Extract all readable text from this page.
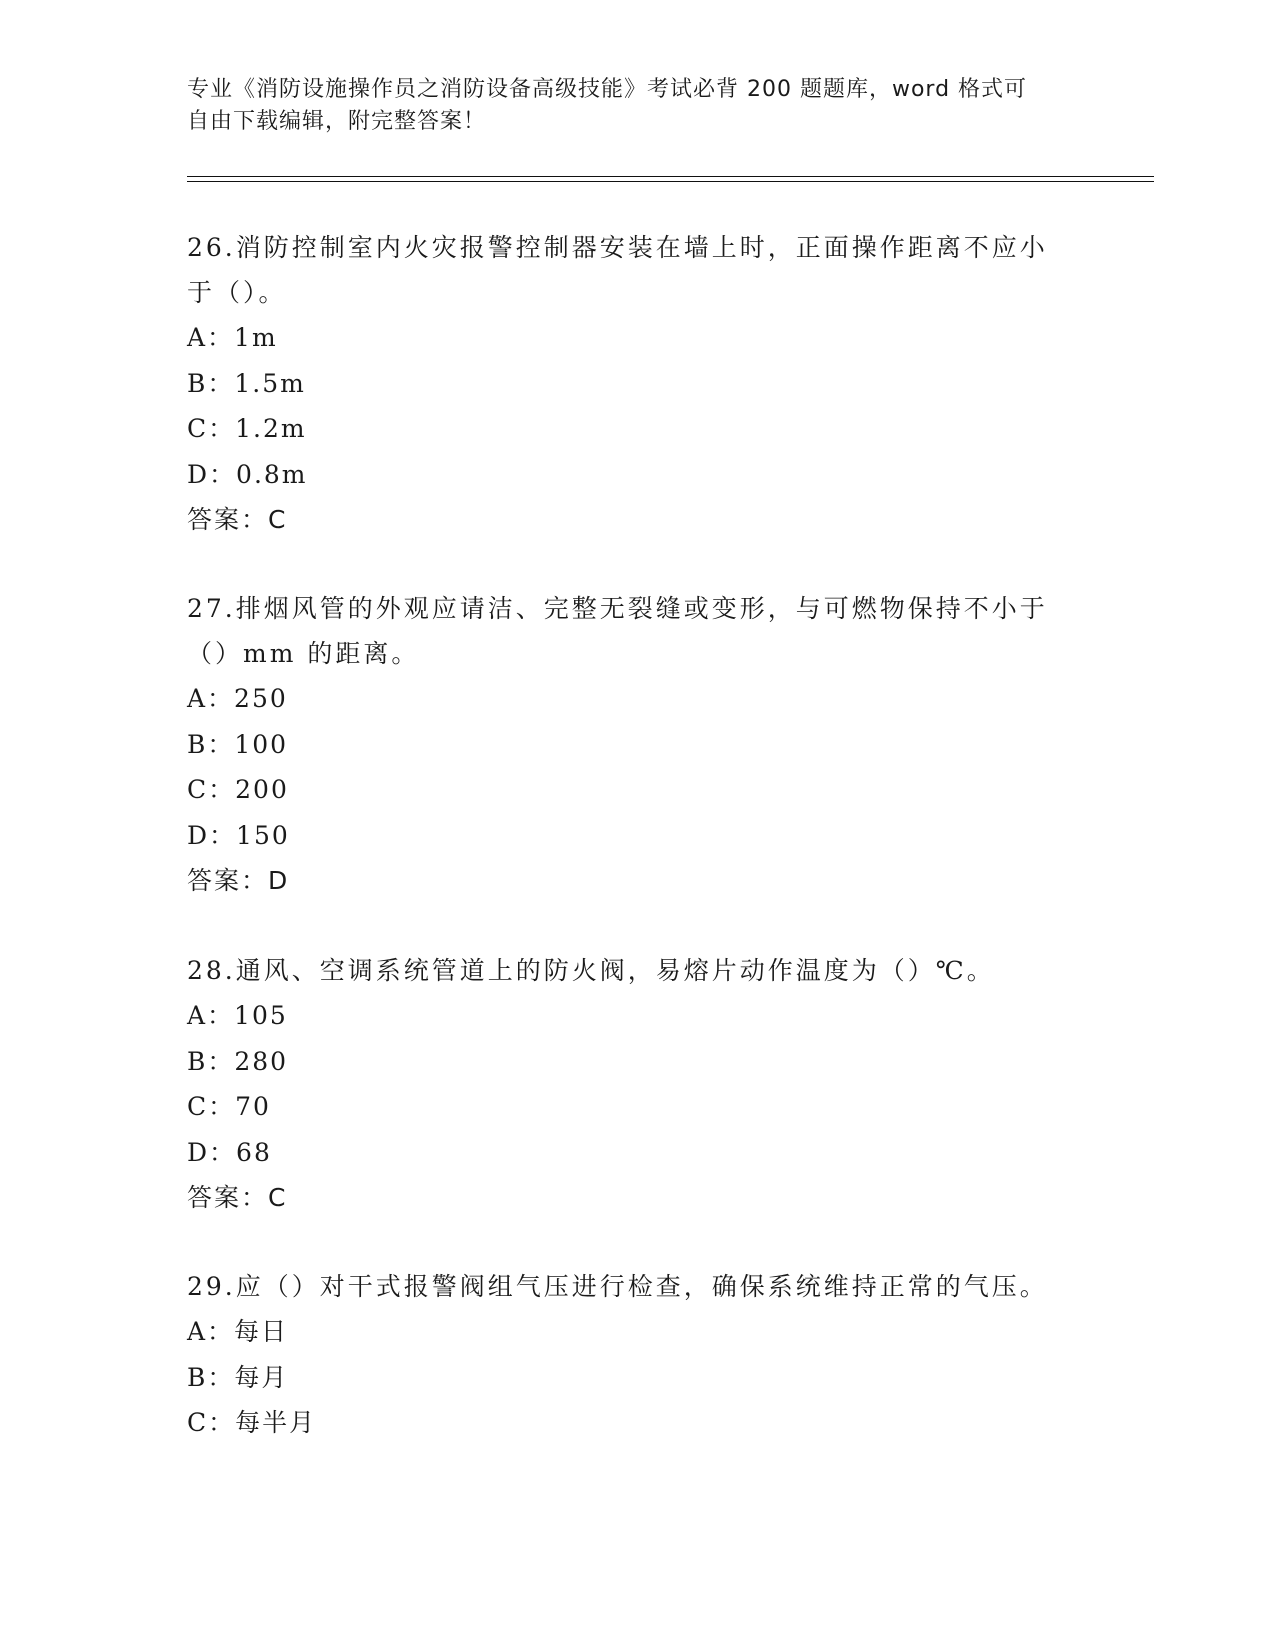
专业《消防设施操作员之消防设备高级技能》考试必背 200 题题库，word 格式可
自由下载编辑，附完整答案！

26.消防控制室内火灾报警控制器安装在墙上时，正面操作距离不应小

于（）。

A：1m

B：1.5m

C：1.2m

D：0.8m

答案：C

27.排烟风管的外观应请洁、完整无裂缝或变形，与可燃物保持不小于

（）mm 的距离。

A：250

B：100

C：200

D：150

答案：D

28.通风、空调系统管道上的防火阀，易熔片动作温度为（）℃。

A：105

B：280

C：70

D：68

答案：C

29.应（）对干式报警阀组气压进行检查，确保系统维持正常的气压。

A：每日

B：每月

C：每半月
